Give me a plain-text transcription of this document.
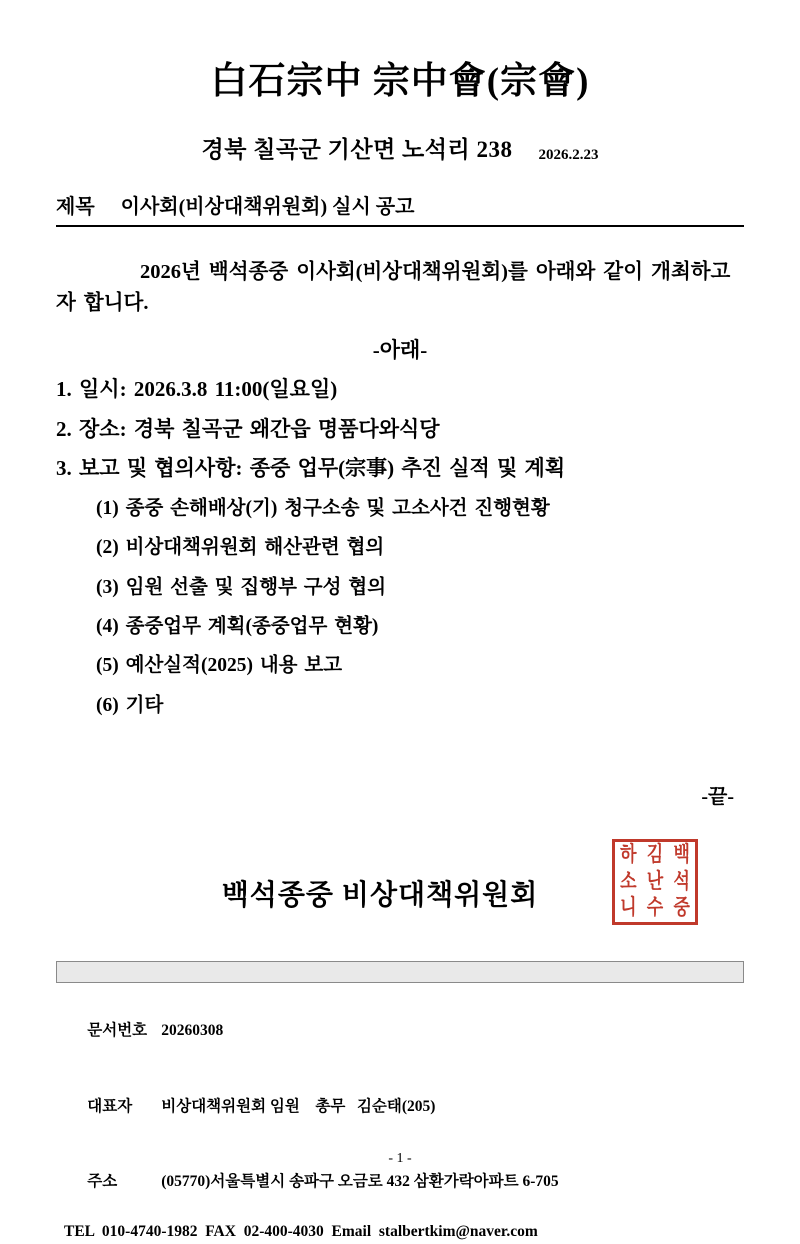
白石宗中 宗中會(宗會)
경북 칠곡군 기산면 노석리 238 2026.2.23
제목 이사회(비상대책위원회) 실시 공고
2026년 백석종중 이사회(비상대책위원회)를 아래와 같이 개최하고자 합니다.
-아래-
1. 일시: 2026.3.8 11:00(일요일)
2. 장소: 경북 칠곡군 왜간읍 명품다와식당
3. 보고 및 협의사항: 종중 업무(宗事) 추진 실적 및 계획
(1) 종중 손해배상(기) 청구소송 및 고소사건 진행현황
(2) 비상대책위원회 해산관련 협의
(3) 임원 선출 및 집행부 구성 협의
(4) 종중업무 계획(종중업무 현황)
(5) 예산실적(2025) 내용 보고
(6) 기타
-끝-
백석종중 비상대책위원회
하 김 백
소 난 석
니 수 중

문서번호 20260308

대표자 비상대책위원회 임원    총무   김순태(205)

주소	(05770)서울특별시 송파구 오금로 432 삼환가락아파트 6-705

TEL  010-4740-1982  FAX  02-400-4030  Email  stalbertkim@naver.com
- 1 -
